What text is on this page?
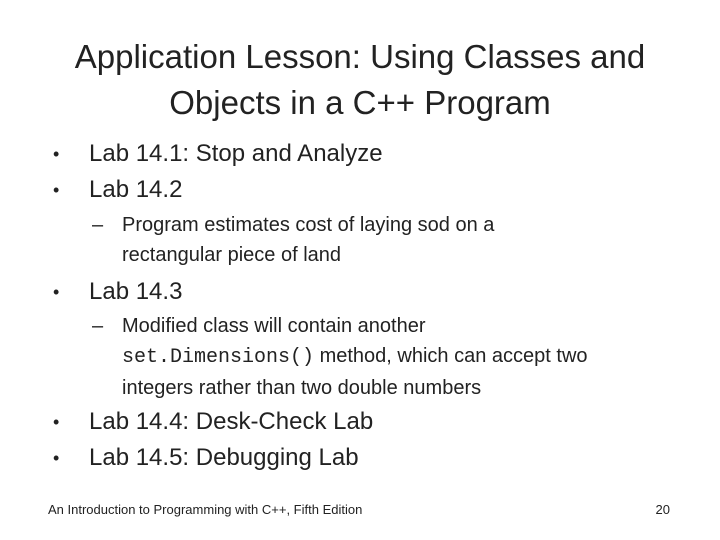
Application Lesson: Using Classes and
Objects in a C++ Program
• Lab 14.1: Stop and Analyze
• Lab 14.2
– Program estimates cost of laying sod on a
rectangular piece of land
• Lab 14.3
– Modified class will contain another
set.Dimensions() method, which can accept two
integers rather than two double numbers
• Lab 14.4: Desk-Check Lab
• Lab 14.5: Debugging Lab
An Introduction to Programming with C++, Fifth Edition	20
